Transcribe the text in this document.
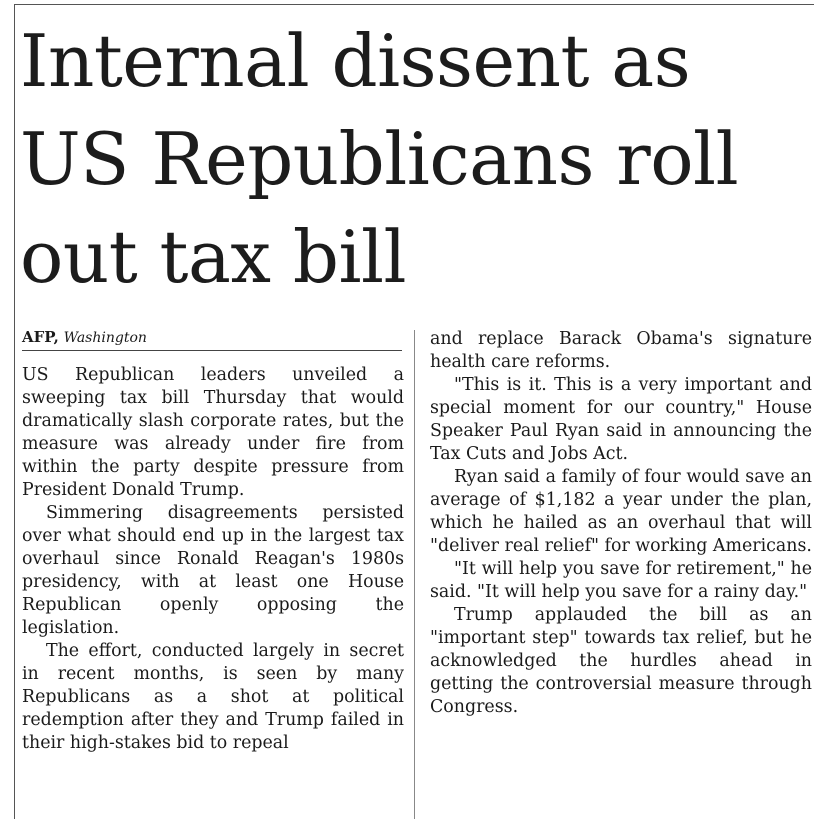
Internal dissent as US Republicans roll out tax bill
AFP, Washington

US Republican leaders unveiled a sweeping tax bill Thursday that would dramatically slash corporate rates, but the measure was already under fire from within the party despite pressure from President Donald Trump.

Simmering disagreements persisted over what should end up in the largest tax overhaul since Ronald Reagan's 1980s presidency, with at least one House Republican openly opposing the legislation.

The effort, conducted largely in secret in recent months, is seen by many Republicans as a shot at political redemption after they and Trump failed in their high-stakes bid to repeal

and replace Barack Obama's signature health care reforms.

"This is it. This is a very important and special moment for our country," House Speaker Paul Ryan said in announcing the Tax Cuts and Jobs Act.

Ryan said a family of four would save an average of $1,182 a year under the plan, which he hailed as an overhaul that will "deliver real relief" for working Americans.

"It will help you save for retirement," he said. "It will help you save for a rainy day."

Trump applauded the bill as an "important step" towards tax relief, but he acknowledged the hurdles ahead in getting the controversial measure through Congress.
